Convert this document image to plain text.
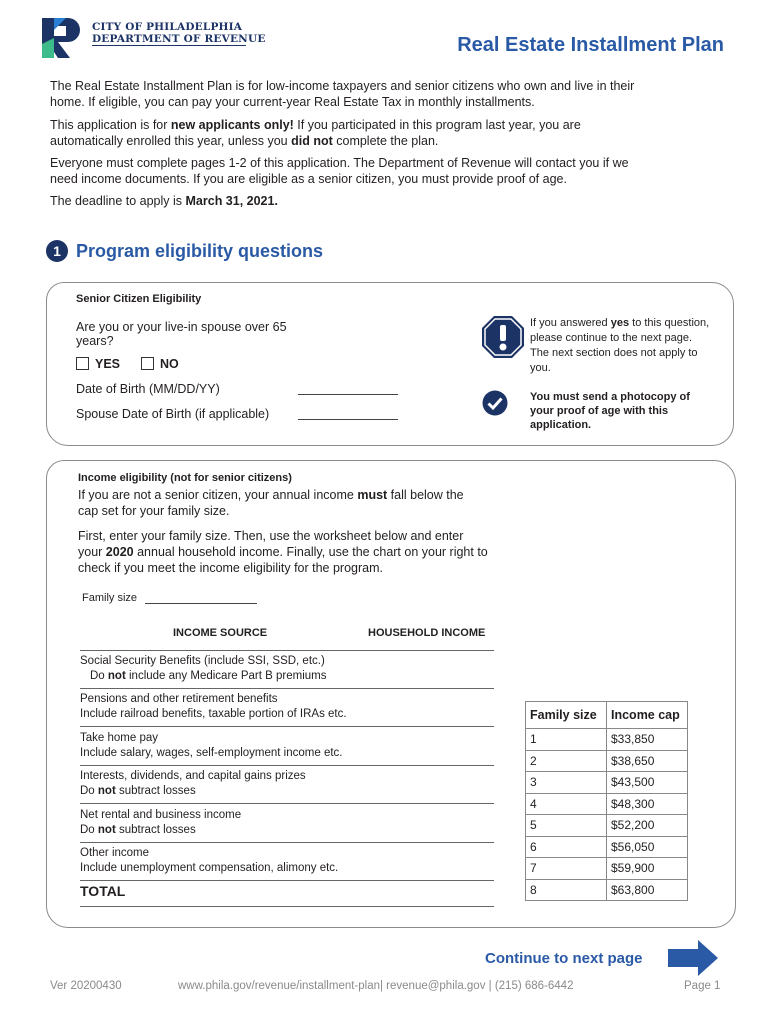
CITY OF PHILADELPHIA
DEPARTMENT OF REVENUE	Real Estate Installment Plan
The Real Estate Installment Plan is for low-income taxpayers and senior citizens who own and live in their home. If eligible, you can pay your current-year Real Estate Tax in monthly installments.
This application is for new applicants only! If you participated in this program last year, you are automatically enrolled this year, unless you did not complete the plan.
Everyone must complete pages 1-2 of this application. The Department of Revenue will contact you if we need income documents. If you are eligible as a senior citizen, you must provide proof of age.
The deadline to apply is March 31, 2021.
1 Program eligibility questions
Senior Citizen Eligibility
Are you or your live-in spouse over 65 years?
YES	NO
Date of Birth (MM/DD/YY)
Spouse Date of Birth (if applicable)
If you answered yes to this question, please continue to the next page. The next section does not apply to you.
You must send a photocopy of your proof of age with this application.
Income eligibility (not for senior citizens)
If you are not a senior citizen, your annual income must fall below the cap set for your family size.
First, enter your family size. Then, use the worksheet below and enter your 2020 annual household income. Finally, use the chart on your right to check if you meet the income eligibility for the program.
Family size
INCOME SOURCE	HOUSEHOLD INCOME
Social Security Benefits (include SSI, SSD, etc.)
Do not include any Medicare Part B premiums
Pensions and other retirement benefits
Include railroad benefits, taxable portion of IRAs etc.
Take home pay
Include salary, wages, self-employment income etc.
Interests, dividends, and capital gains prizes
Do not subtract losses
Net rental and business income
Do not subtract losses
Other income
Include unemployment compensation, alimony etc.
TOTAL
Family size	Income cap
1	$33,850
2	$38,650
3	$43,500
4	$48,300
5	$52,200
6	$56,050
7	$59,900
8	$63,800
Continue to next page
Ver 20200430	www.phila.gov/revenue/installment-plan| revenue@phila.gov | (215) 686-6442	Page 1
